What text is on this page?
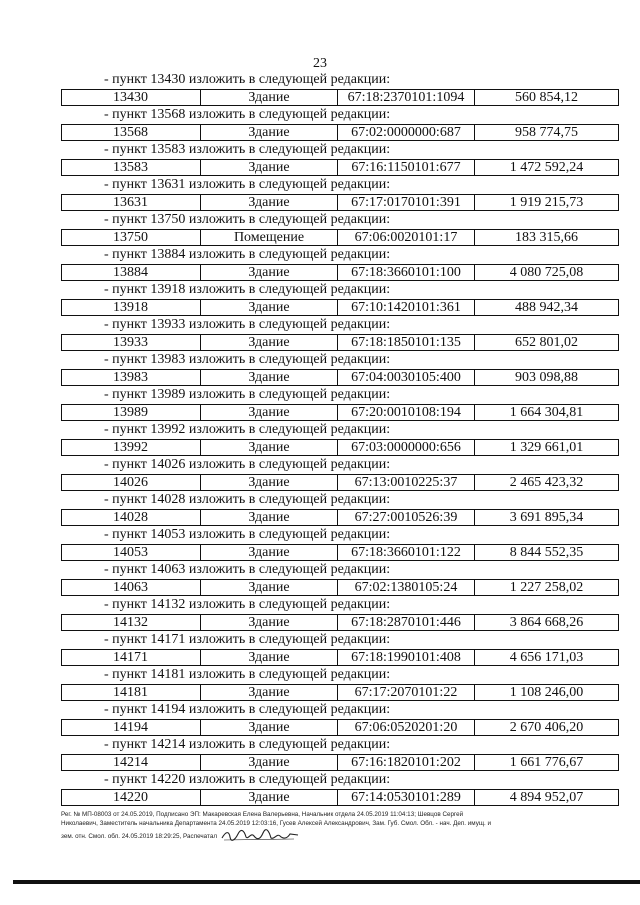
23
- пункт 13430 изложить в следующей редакции:
13430	Здание	67:18:2370101:1094	560 854,12
- пункт 13568 изложить в следующей редакции:
13568	Здание	67:02:0000000:687	958 774,75
- пункт 13583 изложить в следующей редакции:
13583	Здание	67:16:1150101:677	1 472 592,24
- пункт 13631 изложить в следующей редакции:
13631	Здание	67:17:0170101:391	1 919 215,73
- пункт 13750 изложить в следующей редакции:
13750	Помещение	67:06:0020101:17	183 315,66
- пункт 13884 изложить в следующей редакции:
13884	Здание	67:18:3660101:100	4 080 725,08
- пункт 13918 изложить в следующей редакции:
13918	Здание	67:10:1420101:361	488 942,34
- пункт 13933 изложить в следующей редакции:
13933	Здание	67:18:1850101:135	652 801,02
- пункт 13983 изложить в следующей редакции:
13983	Здание	67:04:0030105:400	903 098,88
- пункт 13989 изложить в следующей редакции:
13989	Здание	67:20:0010108:194	1 664 304,81
- пункт 13992 изложить в следующей редакции:
13992	Здание	67:03:0000000:656	1 329 661,01
- пункт 14026 изложить в следующей редакции:
14026	Здание	67:13:0010225:37	2 465 423,32
- пункт 14028 изложить в следующей редакции:
14028	Здание	67:27:0010526:39	3 691 895,34
- пункт 14053 изложить в следующей редакции:
14053	Здание	67:18:3660101:122	8 844 552,35
- пункт 14063 изложить в следующей редакции:
14063	Здание	67:02:1380105:24	1 227 258,02
- пункт 14132 изложить в следующей редакции:
14132	Здание	67:18:2870101:446	3 864 668,26
- пункт 14171 изложить в следующей редакции:
14171	Здание	67:18:1990101:408	4 656 171,03
- пункт 14181 изложить в следующей редакции:
14181	Здание	67:17:2070101:22	1 108 246,00
- пункт 14194 изложить в следующей редакции:
14194	Здание	67:06:0520201:20	2 670 406,20
- пункт 14214 изложить в следующей редакции:
14214	Здание	67:16:1820101:202	1 661 776,67
- пункт 14220 изложить в следующей редакции:
14220	Здание	67:14:0530101:289	4 894 952,07
Рег. № МП-08003 от 24.05.2019, Подписано ЭП: Макаревская Елена Валерьевна, Начальник отдела 24.05.2019 11:04:13; Шевцов Сергей
Николаевич, Заместитель начальника Департамента 24.05.2019 12:03:16, Гусев Алексей Александрович, Зам. Губ. Смол. Обл. - нач. Деп. имущ. и
зем. отн. Смол. обл. 24.05.2019 18:29:25, Распечатал
